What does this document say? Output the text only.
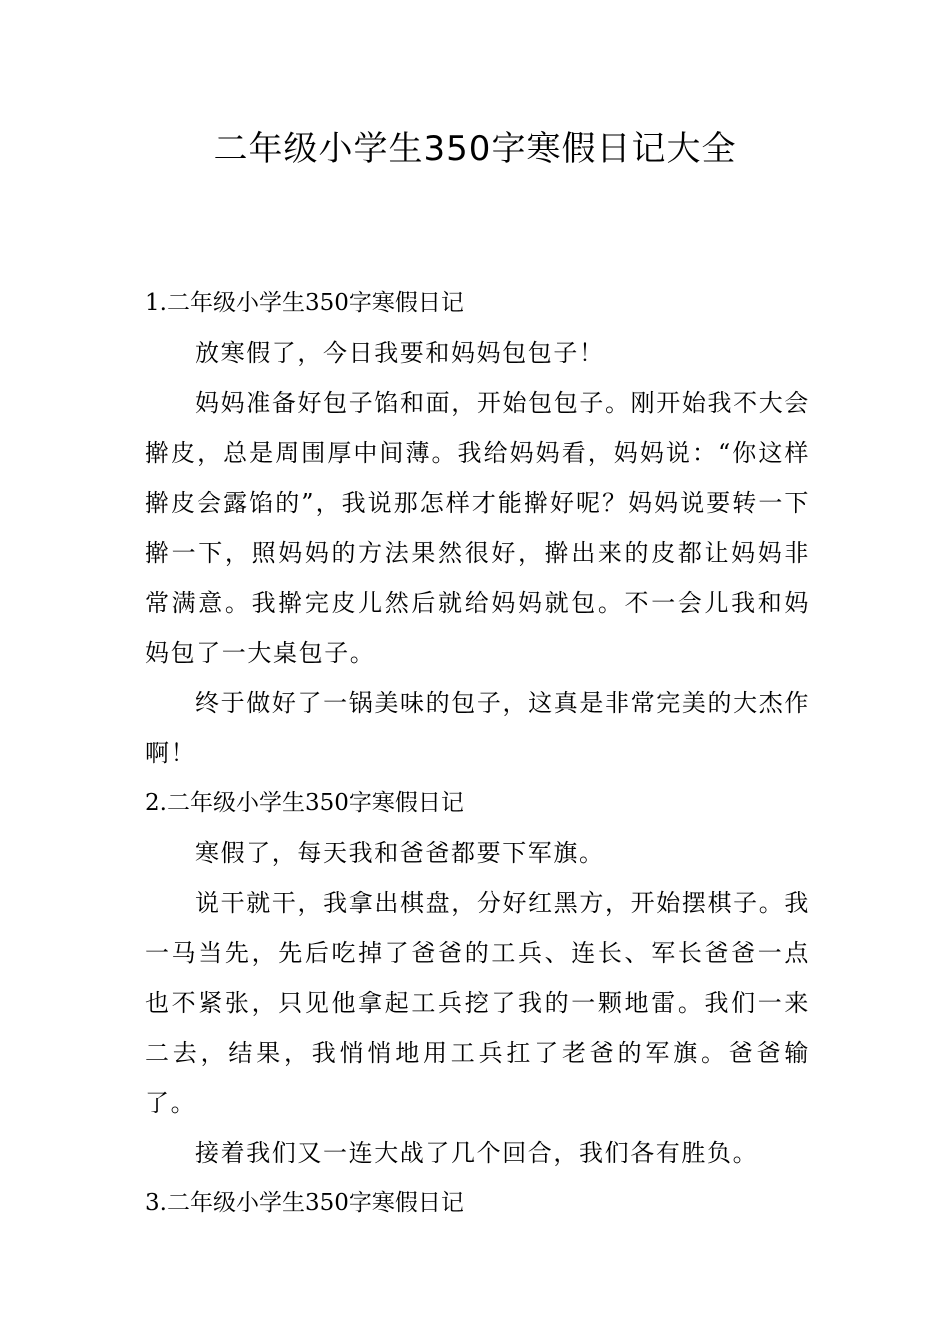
二年级小学生350字寒假日记大全

1.二年级小学生350字寒假日记

放寒假了，今日我要和妈妈包包子！

妈妈准备好包子馅和面，开始包包子。刚开始我不大会擀皮，总是周围厚中间薄。我给妈妈看，妈妈说：“你这样擀皮会露馅的”，我说那怎样才能擀好呢？妈妈说要转一下擀一下，照妈妈的方法果然很好，擀出来的皮都让妈妈非常满意。我擀完皮儿然后就给妈妈就包。不一会儿我和妈妈包了一大桌包子。

终于做好了一锅美味的包子，这真是非常完美的大杰作啊！

2.二年级小学生350字寒假日记

寒假了，每天我和爸爸都要下军旗。

说干就干，我拿出棋盘，分好红黑方，开始摆棋子。我一马当先，先后吃掉了爸爸的工兵、连长、军长爸爸一点也不紧张，只见他拿起工兵挖了我的一颗地雷。我们一来二去，结果，我悄悄地用工兵扛了老爸的军旗。爸爸输了。

接着我们又一连大战了几个回合，我们各有胜负。

3.二年级小学生350字寒假日记
